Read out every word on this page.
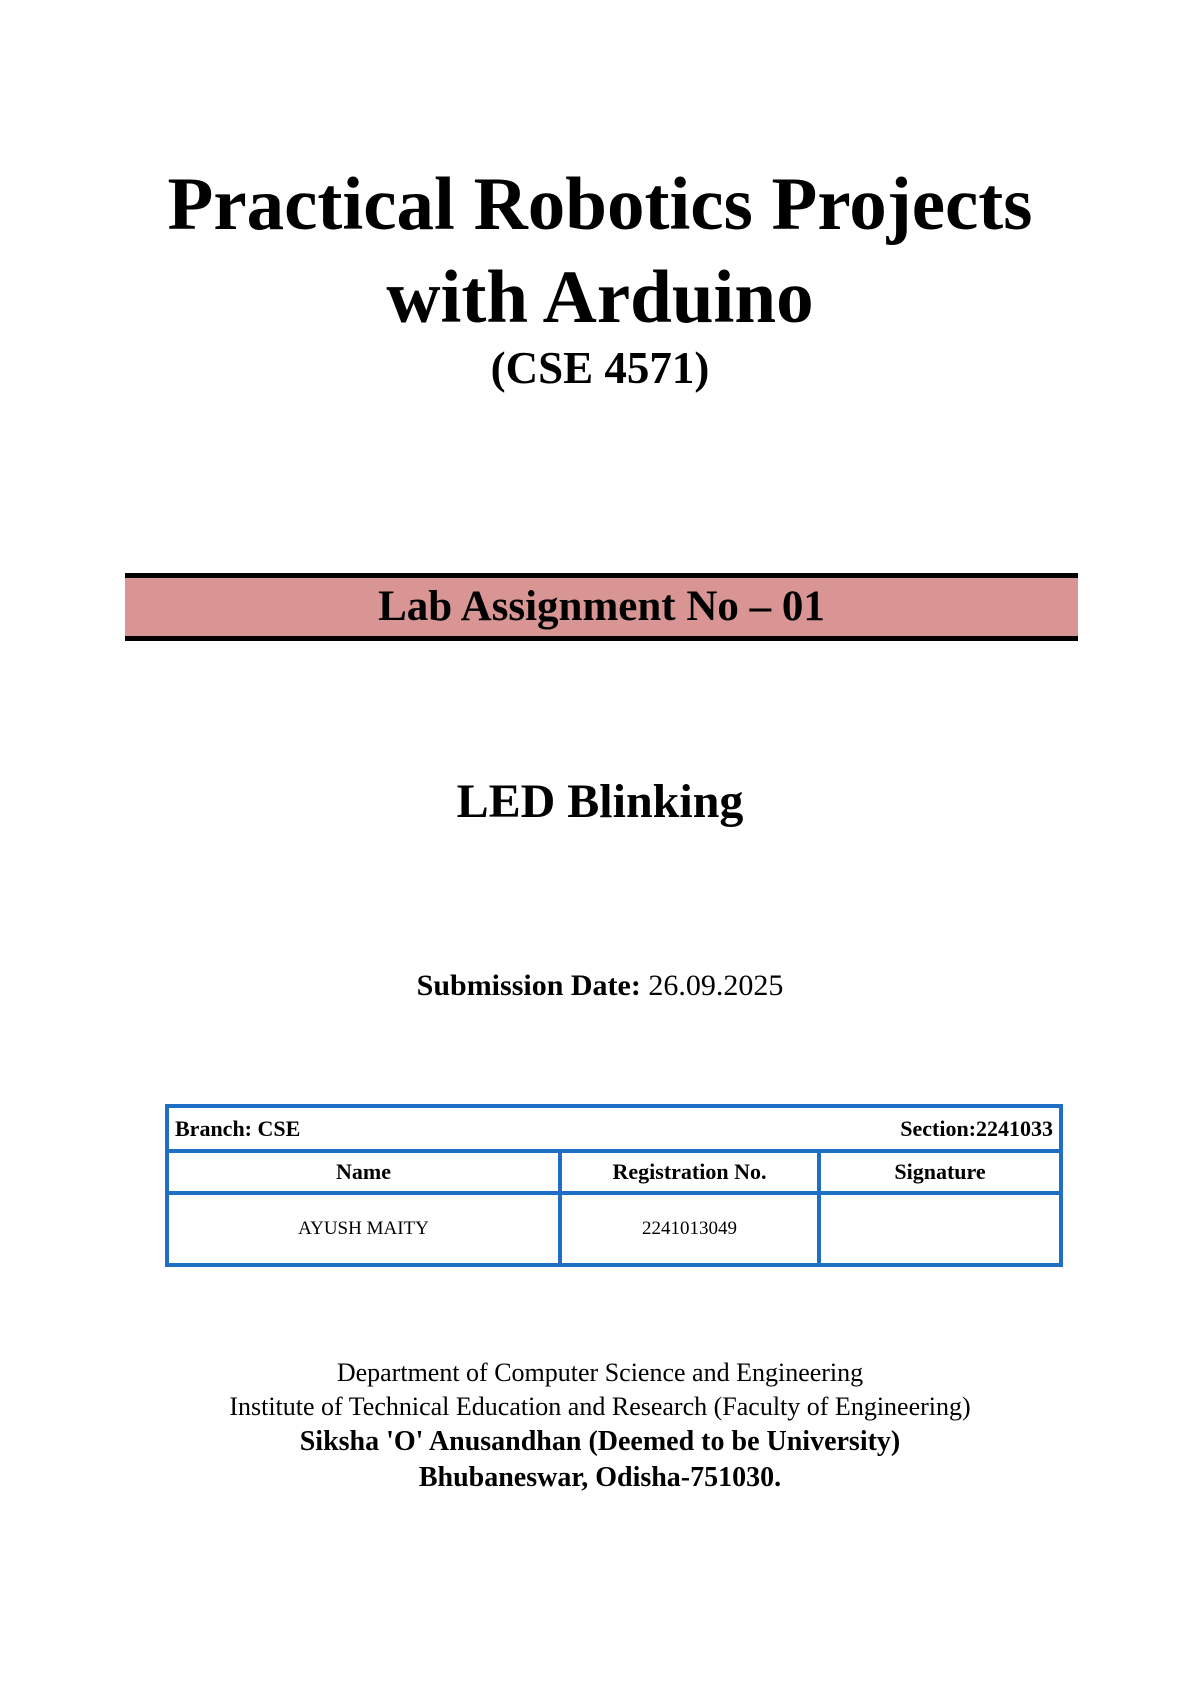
Practical Robotics Projects
with Arduino
(CSE 4571)
Lab Assignment No – 01
LED Blinking
Submission Date: 26.09.2025
Branch: CSE Section:2241033		

Name	Registration No.	Signature
AYUSH MAITY	2241013049	
Department of Computer Science and Engineering
Institute of Technical Education and Research (Faculty of Engineering)
Siksha 'O' Anusandhan (Deemed to be University)
Bhubaneswar, Odisha-751030.
